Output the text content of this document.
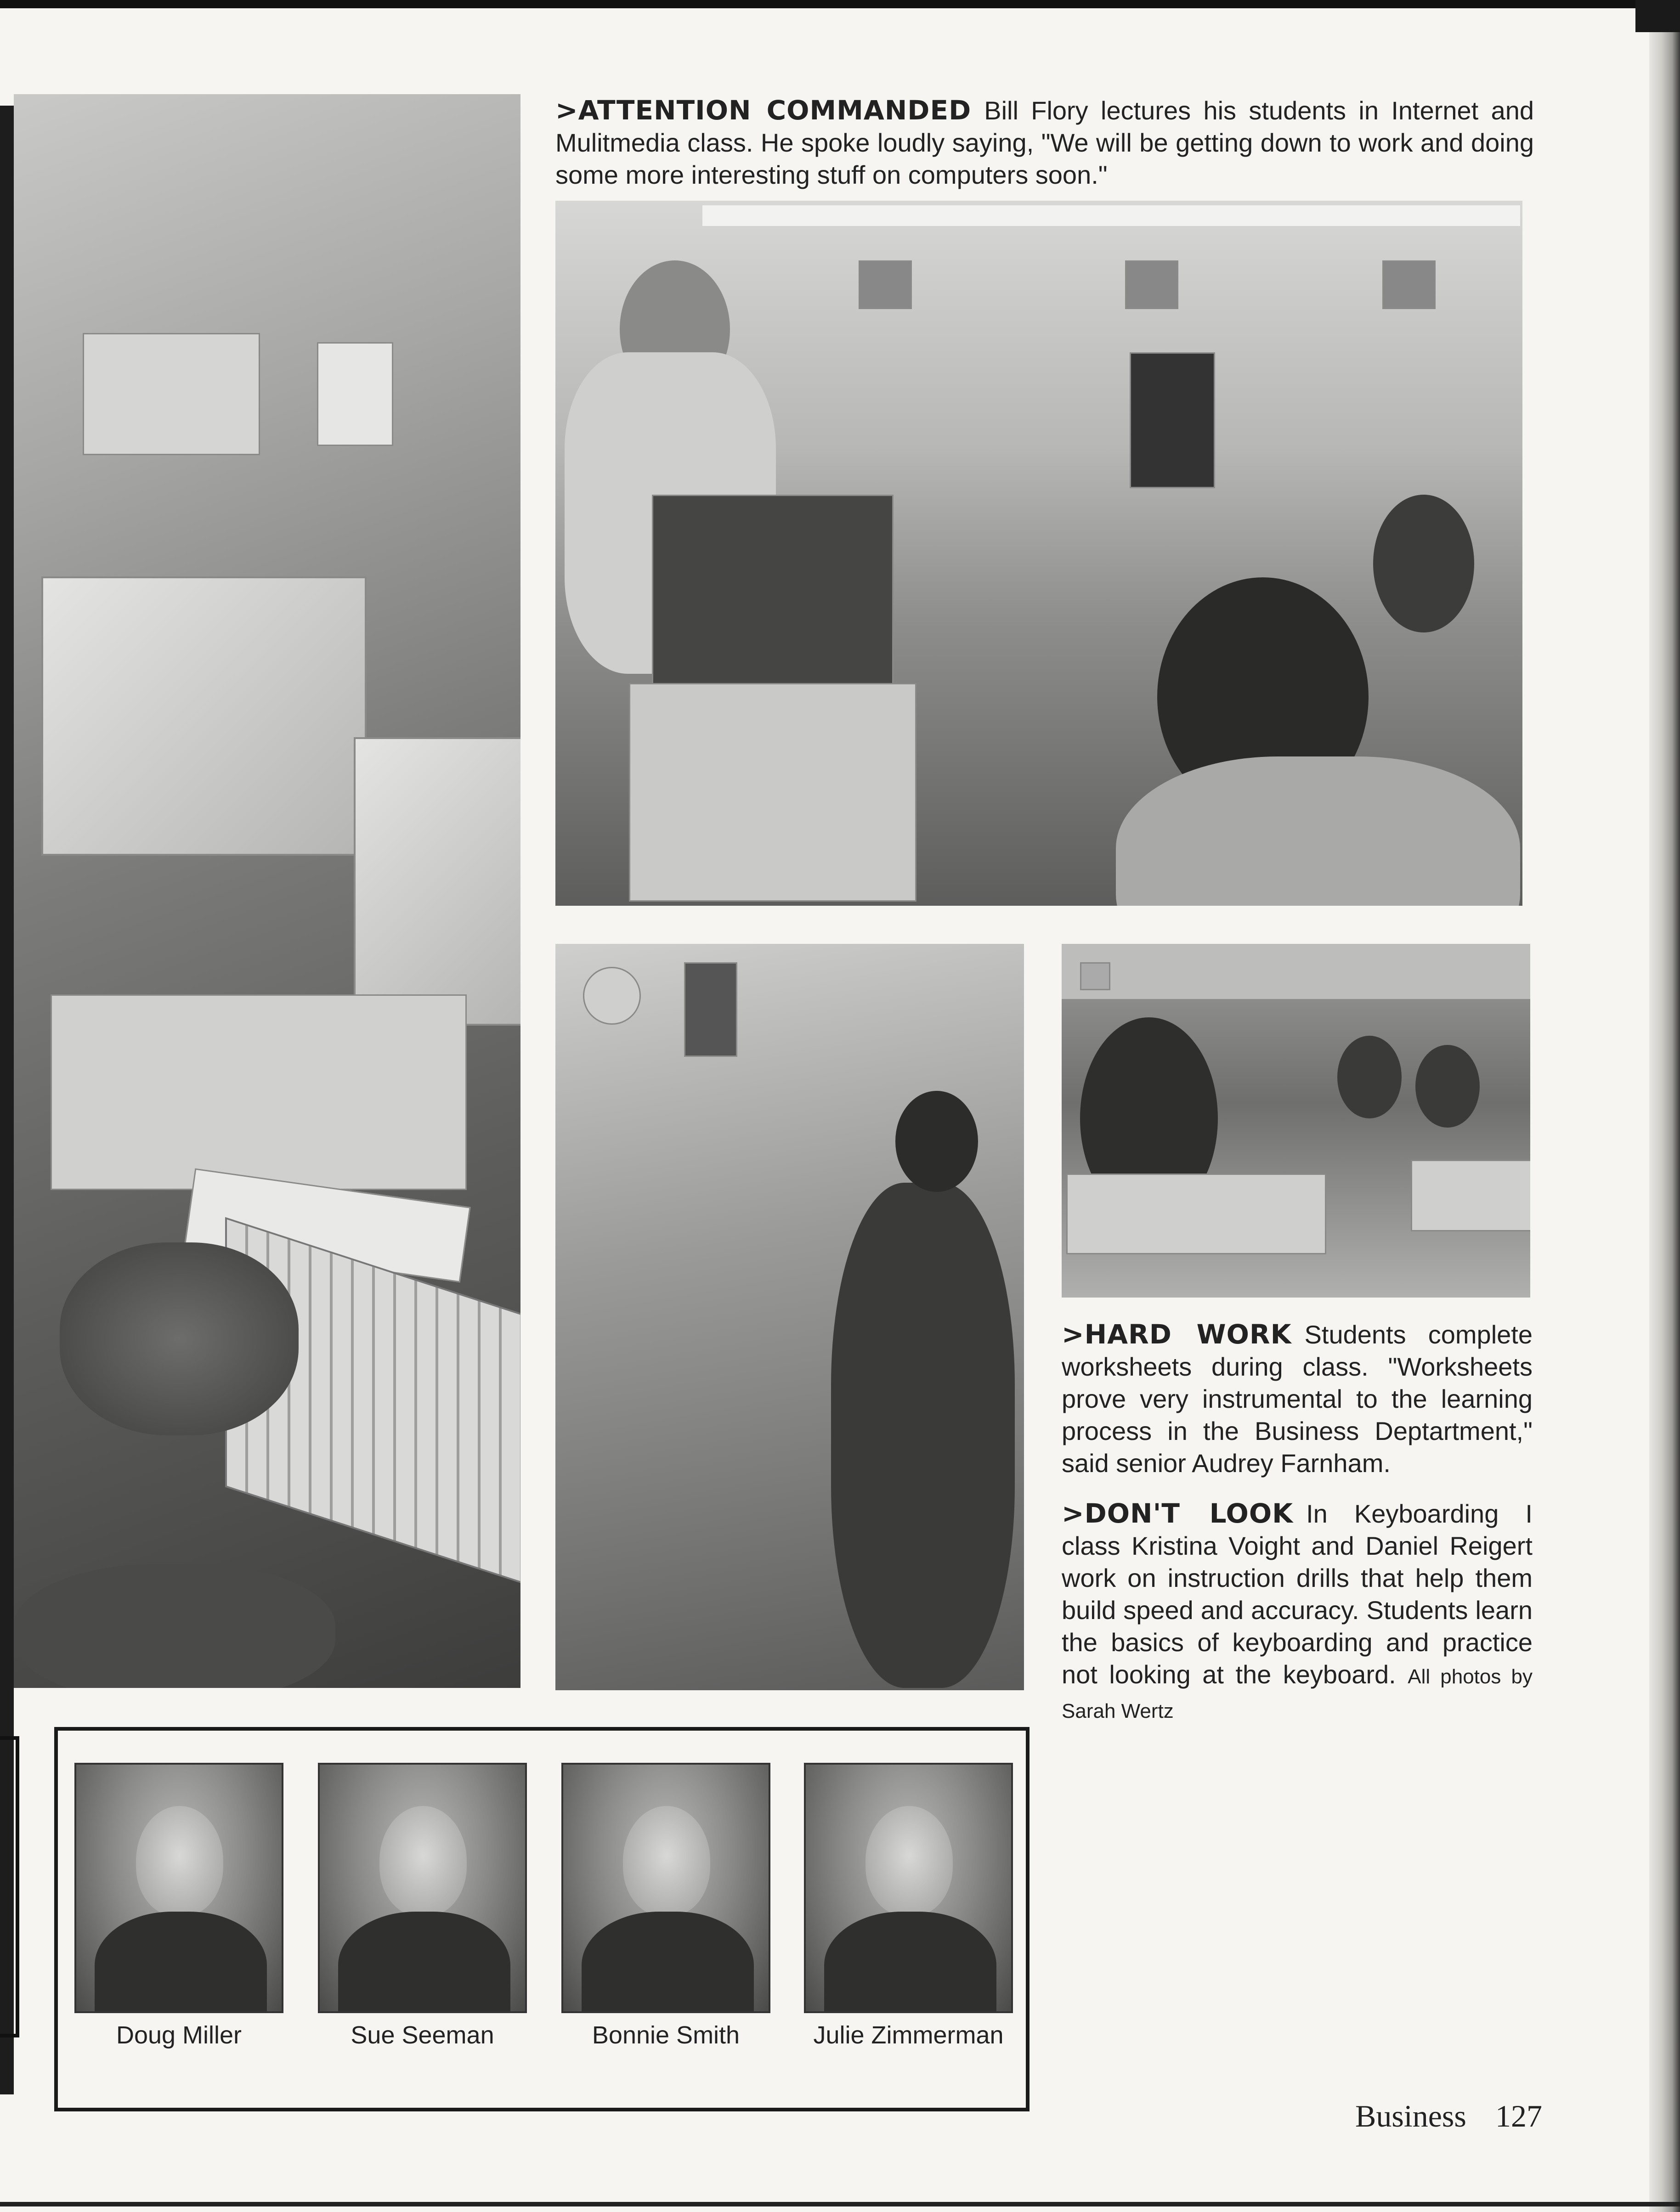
>ATTENTION COMMANDED Bill Flory lectures his students in Internet and Mulitmedia class. He spoke loudly saying, "We will be getting down to work and doing some more interesting stuff on computers soon."
>HARD WORK Students complete worksheets during class. "Worksheets prove very instrumental to the learning process in the Business Deptartment," said senior Audrey Farnham.
>DON'T LOOK In Keyboarding I class Kristina Voight and Daniel Reigert work on instruction drills that help them build speed and accuracy. Students learn the basics of keyboarding and practice not looking at the keyboard. All photos by Sarah Wertz
Doug Miller	Sue Seeman	Bonnie Smith	Julie Zimmerman
Business 127
